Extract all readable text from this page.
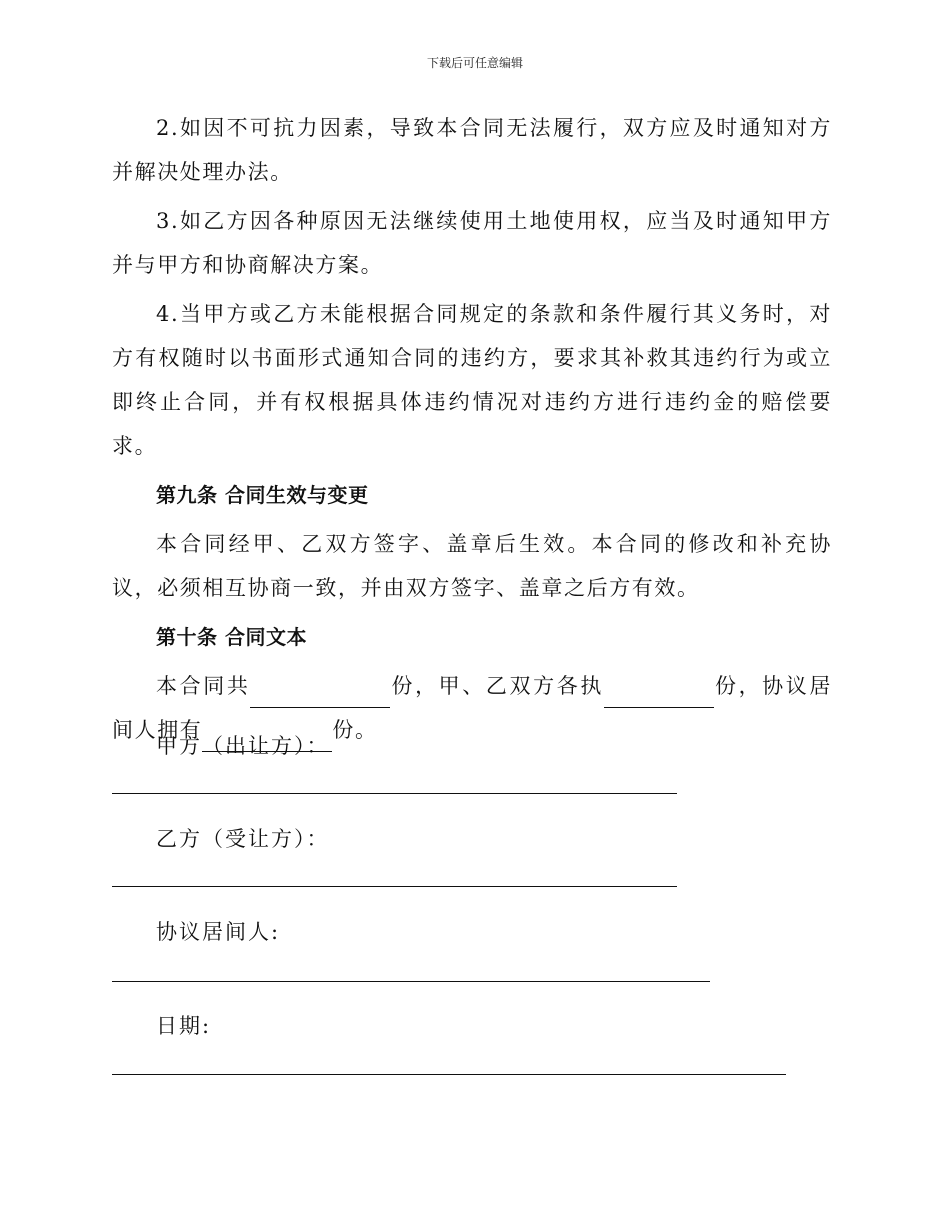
下载后可任意编辑

2.如因不可抗力因素，导致本合同无法履行，双方应及时通知对方并解决处理办法。

3.如乙方因各种原因无法继续使用土地使用权，应当及时通知甲方并与甲方和协商解决方案。

4.当甲方或乙方未能根据合同规定的条款和条件履行其义务时，对方有权随时以书面形式通知合同的违约方，要求其补救其违约行为或立即终止合同，并有权根据具体违约情况对违约方进行违约金的赔偿要求。

第九条 合同生效与变更

本合同经甲、乙双方签字、盖章后生效。本合同的修改和补充协议，必须相互协商一致，并由双方签字、盖章之后方有效。

第十条 合同文本

本合同共	份，甲、乙双方各执	份，协议居间人拥有	份。

甲方（出让方）：
乙方（受让方）：
协议居间人:
日期:
